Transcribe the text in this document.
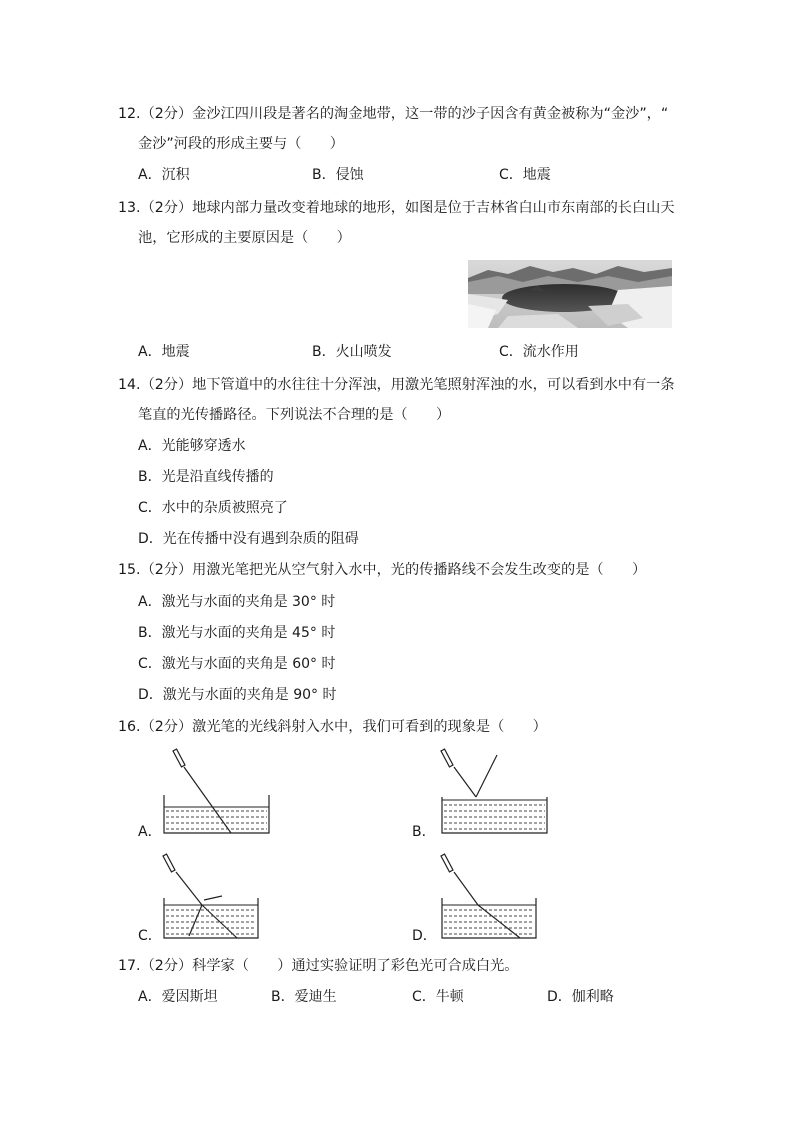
12.（2分）金沙江四川段是著名的淘金地带，这一带的沙子因含有黄金被称为“金沙”，“
金沙”河段的形成主要与（　　）
A．沉积	B．侵蚀	C．地震
13.（2分）地球内部力量改变着地球的地形，如图是位于吉林省白山市东南部的长白山天
池，它形成的主要原因是（　　）
A．地震	B．火山喷发	C．流水作用
14.（2分）地下管道中的水往往十分浑浊，用激光笔照射浑浊的水，可以看到水中有一条
笔直的光传播路径。下列说法不合理的是（　　）
A．光能够穿透水
B．光是沿直线传播的
C．水中的杂质被照亮了
D．光在传播中没有遇到杂质的阻碍
15.（2分）用激光笔把光从空气射入水中，光的传播路线不会发生改变的是（　　）
A．激光与水面的夹角是 30° 时
B．激光与水面的夹角是 45° 时
C．激光与水面的夹角是 60° 时
D．激光与水面的夹角是 90° 时
16.（2分）激光笔的光线斜射入水中，我们可看到的现象是（　　）
A．	B．
C．	D．
17.（2分）科学家（　　）通过实验证明了彩色光可合成白光。
A．爱因斯坦	B．爱迪生	C．牛顿	D．伽利略
